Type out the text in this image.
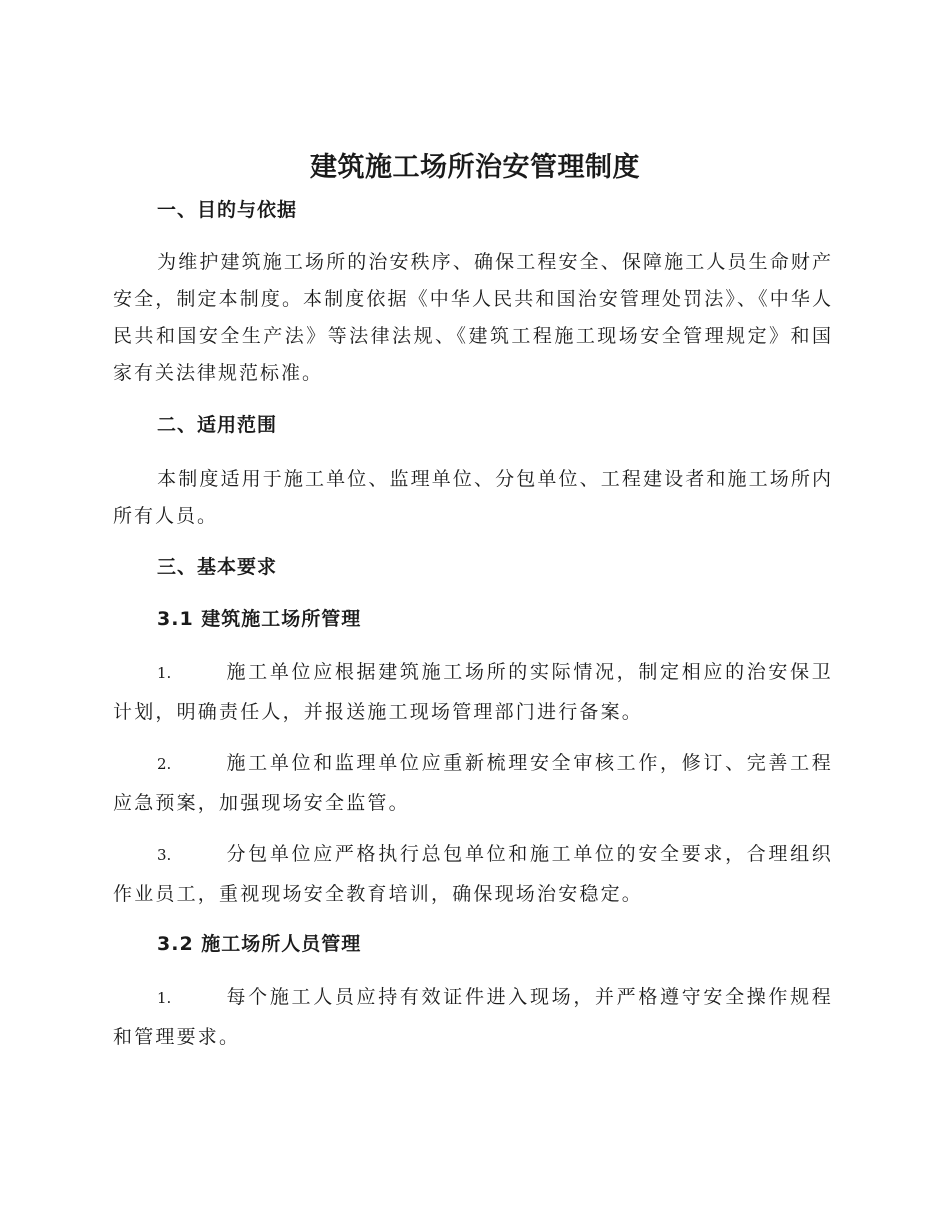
建筑施工场所治安管理制度
一、目的与依据

为维护建筑施工场所的治安秩序、确保工程安全、保障施工人员生命财产安全，制定本制度。本制度依据《中华人民共和国治安管理处罚法》、《中华人民共和国安全生产法》等法律法规、《建筑工程施工现场安全管理规定》和国家有关法律规范标准。

二、适用范围

本制度适用于施工单位、监理单位、分包单位、工程建设者和施工场所内所有人员。

三、基本要求
3.1 建筑施工场所管理

1.	施工单位应根据建筑施工场所的实际情况，制定相应的治安保卫计划，明确责任人，并报送施工现场管理部门进行备案。

2.	施工单位和监理单位应重新梳理安全审核工作，修订、完善工程应急预案，加强现场安全监管。

3.	分包单位应严格执行总包单位和施工单位的安全要求，合理组织作业员工，重视现场安全教育培训，确保现场治安稳定。

3.2 施工场所人员管理

1.	每个施工人员应持有效证件进入现场，并严格遵守安全操作规程和管理要求。
